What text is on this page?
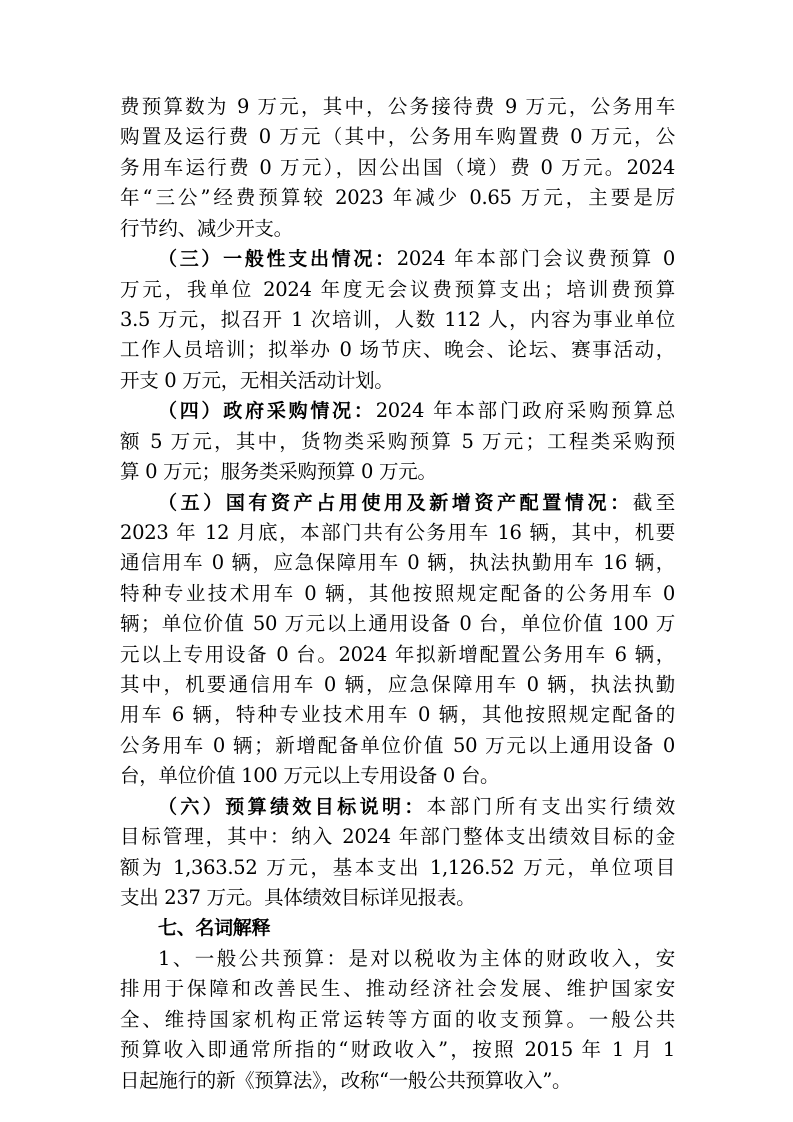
费预算数为 9 万元，其中，公务接待费 9 万元，公务用车
购置及运行费 0 万元（其中，公务用车购置费 0 万元，公
务用车运行费 0 万元），因公出国（境）费 0 万元。2024
年“三公”经费预算较 2023 年减少 0.65 万元，主要是厉
行节约、减少开支。
（三）一般性支出情况：2024 年本部门会议费预算 0
万元，我单位 2024 年度无会议费预算支出；培训费预算
3.5 万元，拟召开 1 次培训，人数 112 人，内容为事业单位
工作人员培训；拟举办 0 场节庆、晚会、论坛、赛事活动，
开支 0 万元，无相关活动计划。
（四）政府采购情况：2024 年本部门政府采购预算总
额 5 万元，其中，货物类采购预算 5 万元；工程类采购预
算 0 万元；服务类采购预算 0 万元。
（五）国有资产占用使用及新增资产配置情况：截至
2023 年 12 月底，本部门共有公务用车 16 辆，其中，机要
通信用车 0 辆，应急保障用车 0 辆，执法执勤用车 16 辆，
特种专业技术用车 0 辆，其他按照规定配备的公务用车 0
辆；单位价值 50 万元以上通用设备 0 台，单位价值 100 万
元以上专用设备 0 台。2024 年拟新增配置公务用车 6 辆，
其中，机要通信用车 0 辆，应急保障用车 0 辆，执法执勤
用车 6 辆，特种专业技术用车 0 辆，其他按照规定配备的
公务用车 0 辆；新增配备单位价值 50 万元以上通用设备 0
台，单位价值 100 万元以上专用设备 0 台。
（六）预算绩效目标说明：本部门所有支出实行绩效
目标管理，其中：纳入 2024 年部门整体支出绩效目标的金
额为 1,363.52 万元，基本支出 1,126.52 万元，单位项目
支出 237 万元。具体绩效目标详见报表。
七、名词解释
1、一般公共预算：是对以税收为主体的财政收入，安
排用于保障和改善民生、推动经济社会发展、维护国家安
全、维持国家机构正常运转等方面的收支预算。一般公共
预算收入即通常所指的“财政收入”，按照 2015 年 1 月 1
日起施行的新《预算法》，改称“一般公共预算收入”。
